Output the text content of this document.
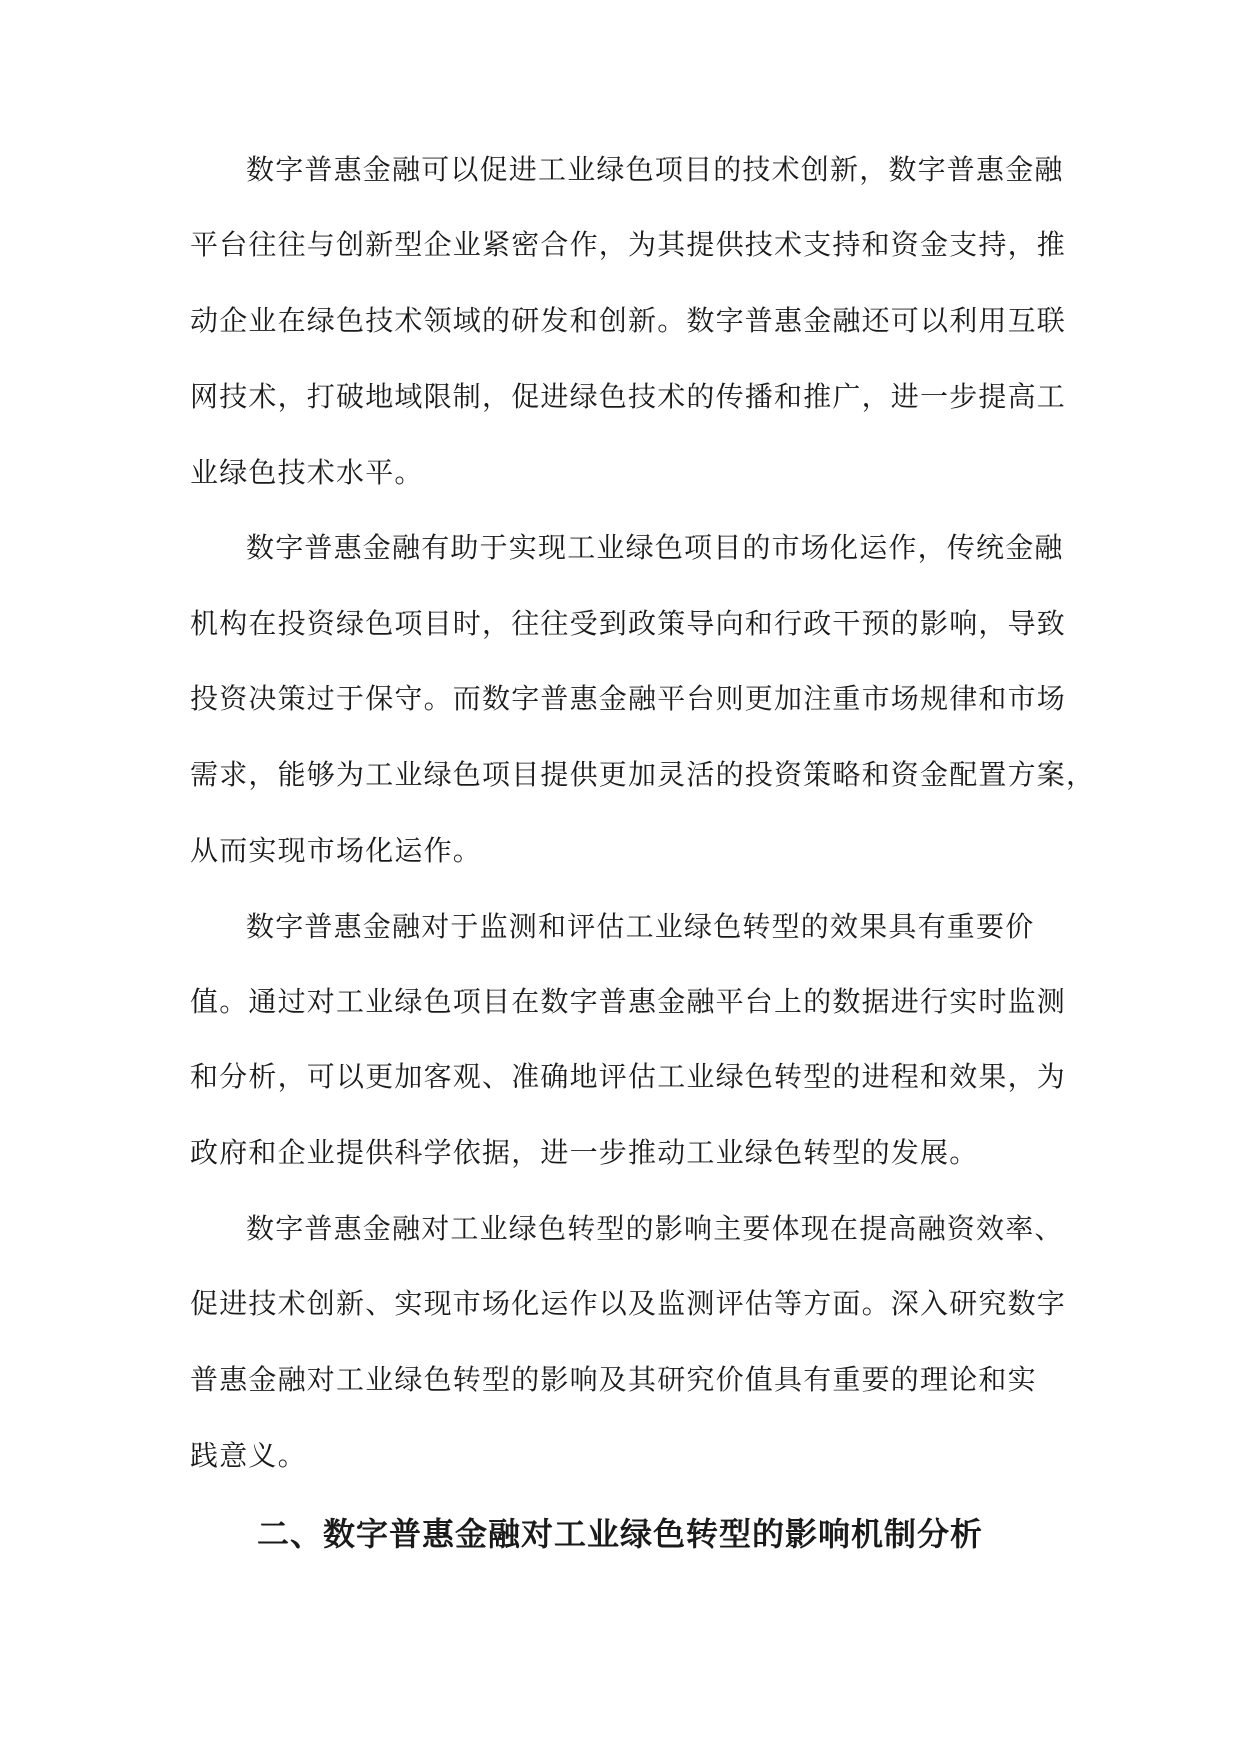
数字普惠金融可以促进工业绿色项目的技术创新，数字普惠金融
平台往往与创新型企业紧密合作，为其提供技术支持和资金支持，推
动企业在绿色技术领域的研发和创新。数字普惠金融还可以利用互联
网技术，打破地域限制，促进绿色技术的传播和推广，进一步提高工
业绿色技术水平。
数字普惠金融有助于实现工业绿色项目的市场化运作，传统金融
机构在投资绿色项目时，往往受到政策导向和行政干预的影响，导致
投资决策过于保守。而数字普惠金融平台则更加注重市场规律和市场
需求，能够为工业绿色项目提供更加灵活的投资策略和资金配置方案，
从而实现市场化运作。
数字普惠金融对于监测和评估工业绿色转型的效果具有重要价
值。通过对工业绿色项目在数字普惠金融平台上的数据进行实时监测
和分析，可以更加客观、准确地评估工业绿色转型的进程和效果，为
政府和企业提供科学依据，进一步推动工业绿色转型的发展。
数字普惠金融对工业绿色转型的影响主要体现在提高融资效率、
促进技术创新、实现市场化运作以及监测评估等方面。深入研究数字
普惠金融对工业绿色转型的影响及其研究价值具有重要的理论和实
践意义。
二、数字普惠金融对工业绿色转型的影响机制分析
